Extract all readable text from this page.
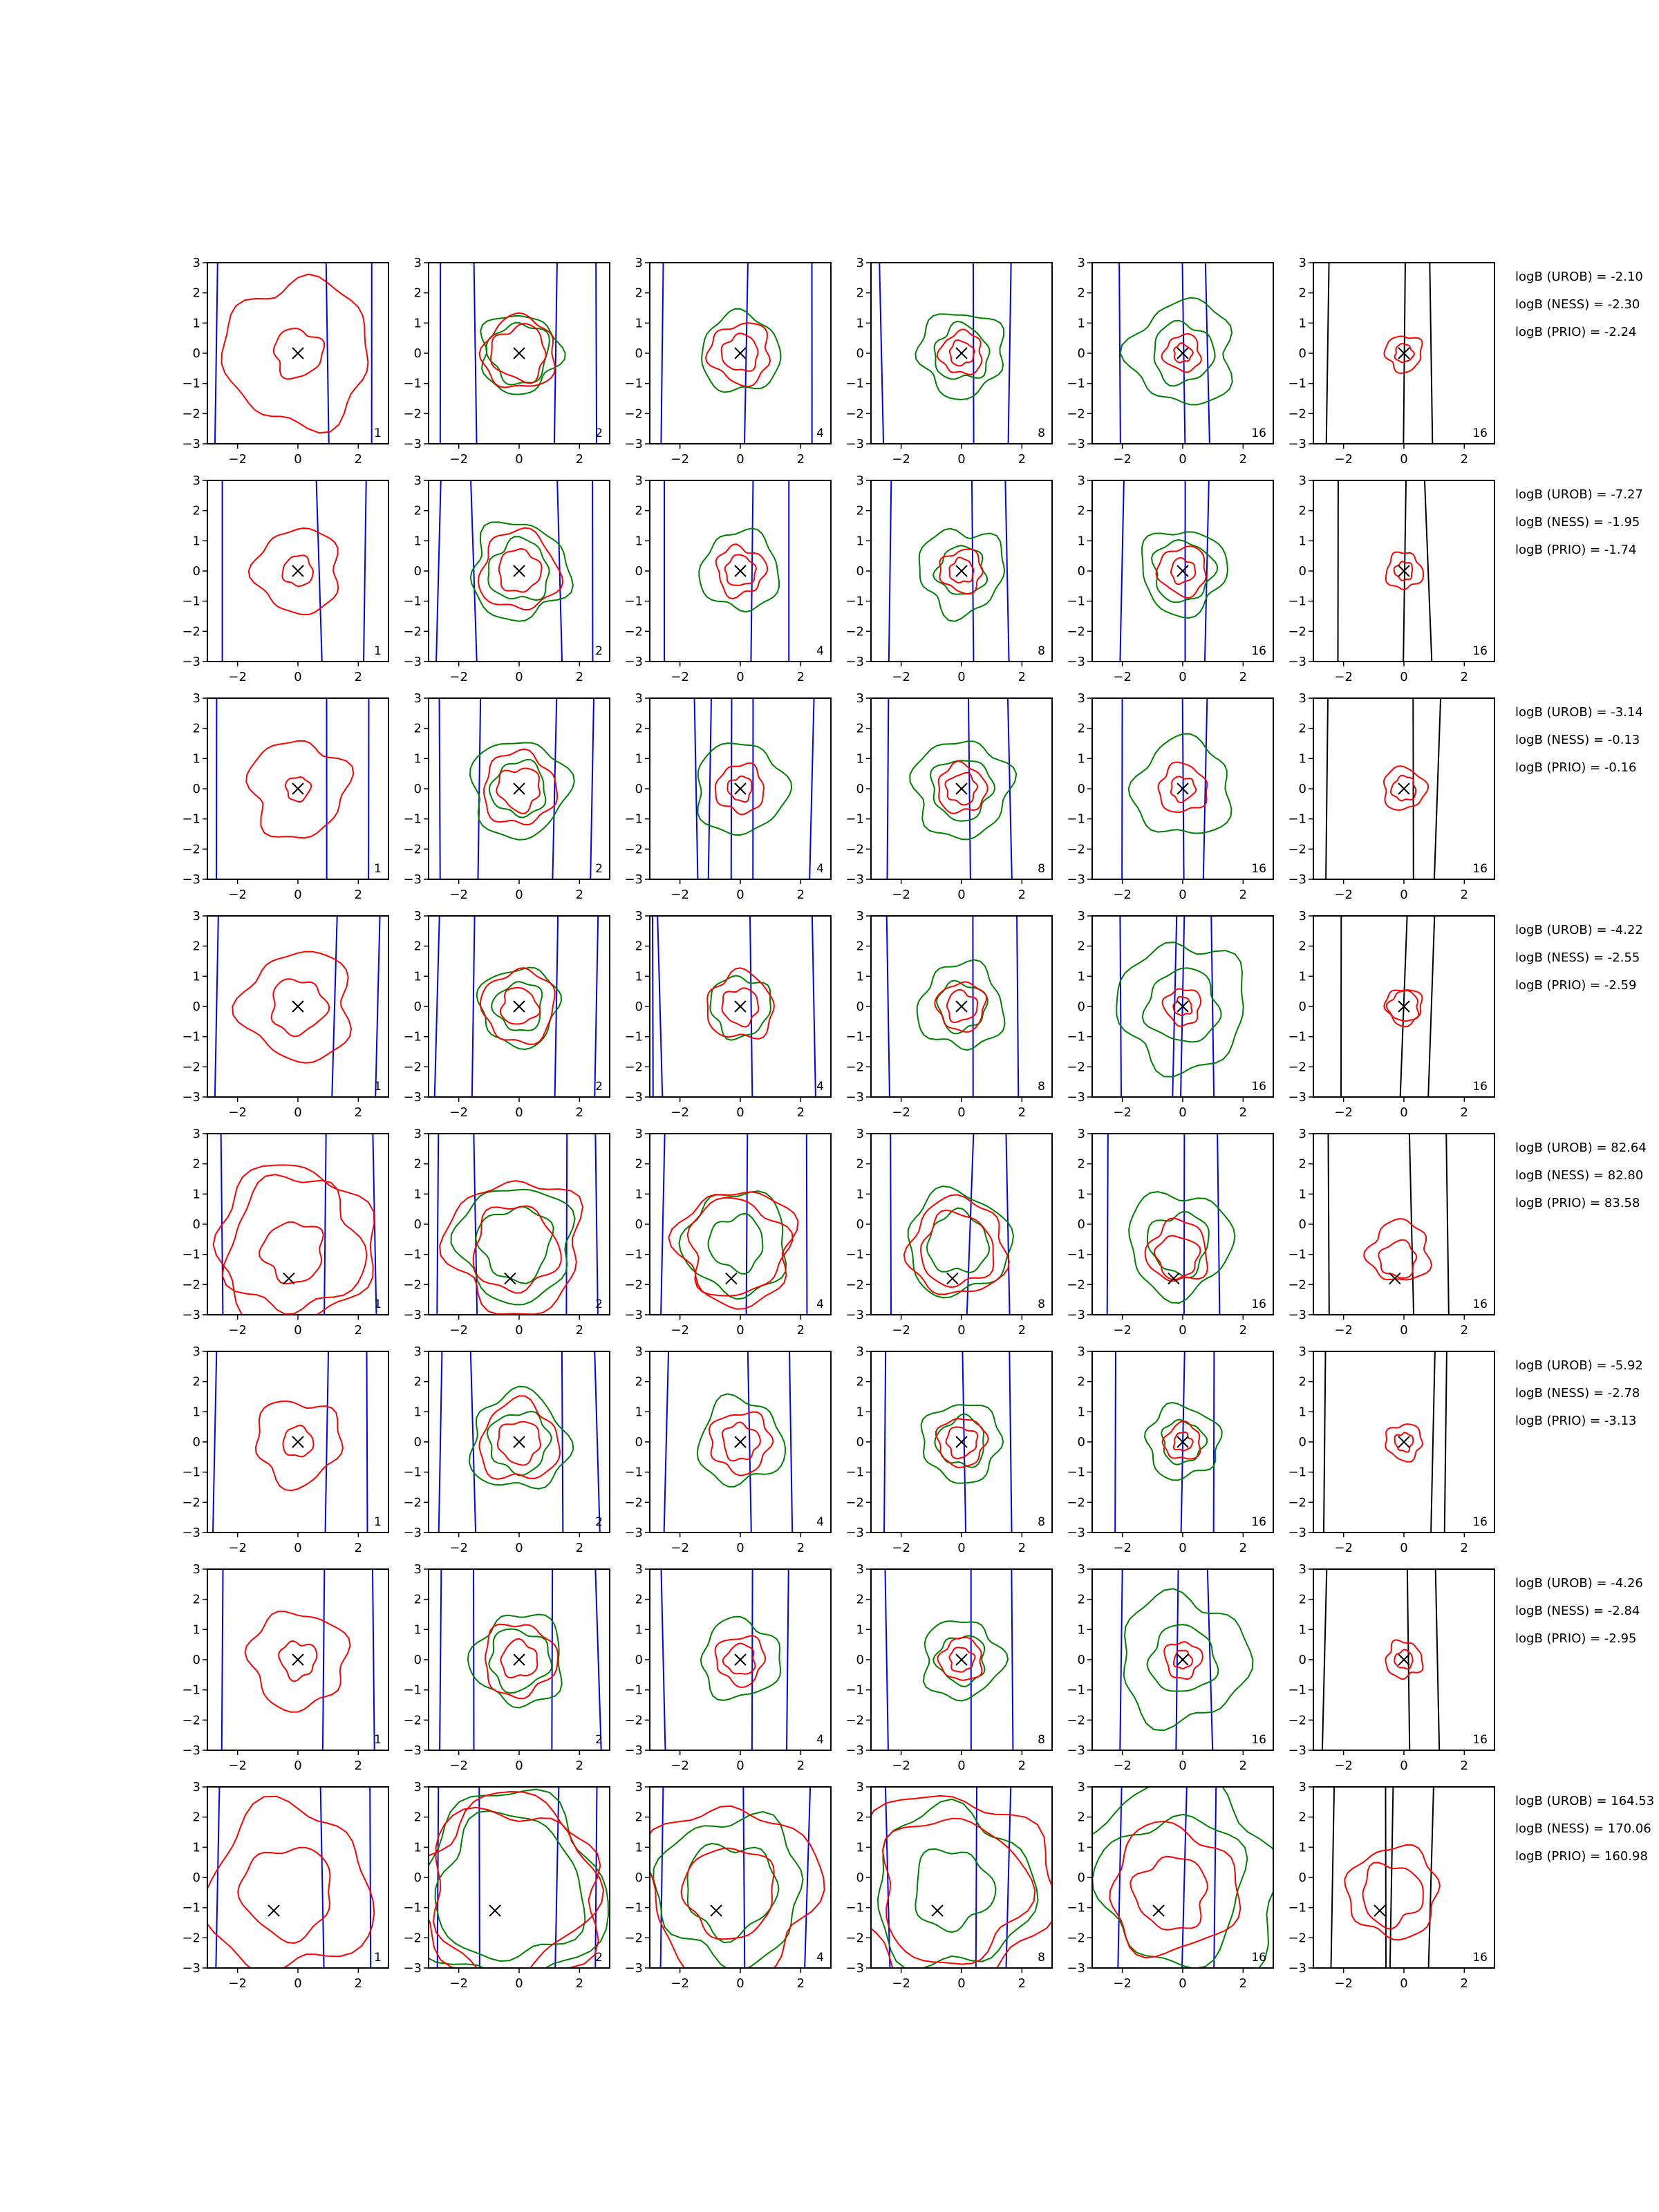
−2	0	2
3
2
1
0
−1
−2
−3
1
−2	0	2
3
2
1
0
−1
−2
−3
2
−2	0	2
3
2
1
0
−1
−2
−3
4
−2	0	2
3
2
1
0
−1
−2
−3
8
−2	0	2
3
2
1
0
−1
−2
−3
16
−2	0	2
3
2
1
0
−1
−2
−3
16
−2	0	2
3
2
1
0
−1
−2
−3
1
−2	0	2
3
2
1
0
−1
−2
−3
2
−2	0	2
3
2
1
0
−1
−2
−3
4
−2	0	2
3
2
1
0
−1
−2
−3
8
−2	0	2
3
2
1
0
−1
−2
−3
16
−2	0	2
3
2
1
0
−1
−2
−3
16
−2	0	2
3
2
1
0
−1
−2
−3
1
−2	0	2
3
2
1
0
−1
−2
−3
2
−2	0	2
3
2
1
0
−1
−2
−3
4
−2	0	2
3
2
1
0
−1
−2
−3
8
−2	0	2
3
2
1
0
−1
−2
−3
16
−2	0	2
3
2
1
0
−1
−2
−3
16
−2	0	2
3
2
1
0
−1
−2
−3
1
−2	0	2
3
2
1
0
−1
−2
−3
2
−2	0	2
3
2
1
0
−1
−2
−3
4
−2	0	2
3
2
1
0
−1
−2
−3
8
−2	0	2
3
2
1
0
−1
−2
−3
16
−2	0	2
3
2
1
0
−1
−2
−3
16
−2	0	2
3
2
1
0
−1
−2
−3
1
−2	0	2
3
2
1
0
−1
−2
−3
2
−2	0	2
3
2
1
0
−1
−2
−3
4
−2	0	2
3
2
1
0
−1
−2
−3
8
−2	0	2
3
2
1
0
−1
−2
−3
16
−2	0	2
3
2
1
0
−1
−2
−3
16
−2	0	2
3
2
1
0
−1
−2
−3
1
−2	0	2
3
2
1
0
−1
−2
−3
2
−2	0	2
3
2
1
0
−1
−2
−3
4
−2	0	2
3
2
1
0
−1
−2
−3
8
−2	0	2
3
2
1
0
−1
−2
−3
16
−2	0	2
3
2
1
0
−1
−2
−3
16
−2	0	2
3
2
1
0
−1
−2
−3
1
−2	0	2
3
2
1
0
−1
−2
−3
2
−2	0	2
3
2
1
0
−1
−2
−3
4
−2	0	2
3
2
1
0
−1
−2
−3
8
−2	0	2
3
2
1
0
−1
−2
−3
16
−2	0	2
3
2
1
0
−1
−2
−3
16
−2	0	2
3
2
1
0
−1
−2
−3
1
−2	0	2
3
2
1
0
−1
−2
−3
2
−2	0	2
3
2
1
0
−1
−2
−3
4
−2	0	2
3
2
1
0
−1
−2
−3
8
−2	0	2
3
2
1
0
−1
−2
−3
16
−2	0	2
3
2
1
0
−1
−2
−3
16
logB (UROB) = -2.10
logB (NESS) = -2.30
logB (PRIO) = -2.24
logB (UROB) = -7.27
logB (NESS) = -1.95
logB (PRIO) = -1.74
logB (UROB) = -3.14
logB (NESS) = -0.13
logB (PRIO) = -0.16
logB (UROB) = -4.22
logB (NESS) = -2.55
logB (PRIO) = -2.59
logB (UROB) = 82.64
logB (NESS) = 82.80
logB (PRIO) = 83.58
logB (UROB) = -5.92
logB (NESS) = -2.78
logB (PRIO) = -3.13
logB (UROB) = -4.26
logB (NESS) = -2.84
logB (PRIO) = -2.95
logB (UROB) = 164.53
logB (NESS) = 170.06
logB (PRIO) = 160.98
